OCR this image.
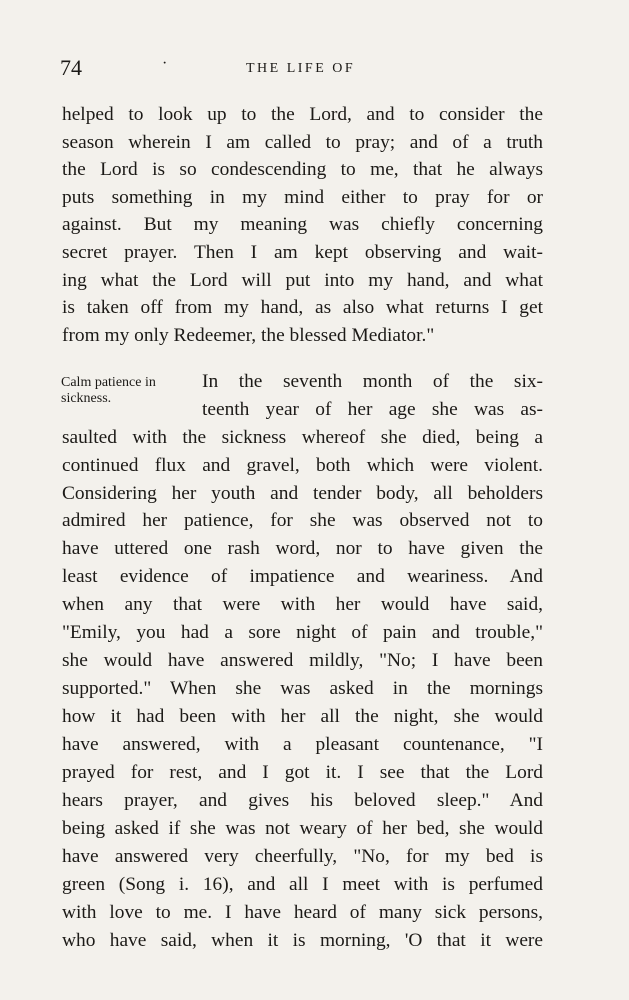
74	·	THE LIFE OF
helped to look up to the Lord, and to consider the
season wherein I am called to pray; and of a truth
the Lord is so condescending to me, that he always
puts something in my mind either to pray for or
against. But my meaning was chiefly concerning
secret prayer. Then I am kept observing and wait-
ing what the Lord will put into my hand, and what
is taken off from my hand, as also what returns I get
from my only Redeemer, the blessed Mediator."
Calm patience in
sickness.
In the seventh month of the six-
teenth year of her age she was as-
saulted with the sickness whereof she died, being a
continued flux and gravel, both which were violent.
Considering her youth and tender body, all beholders
admired her patience, for she was observed not to
have uttered one rash word, nor to have given the
least evidence of impatience and weariness. And
when any that were with her would have said,
"Emily, you had a sore night of pain and trouble,"
she would have answered mildly, "No; I have been
supported." When she was asked in the mornings
how it had been with her all the night, she would
have answered, with a pleasant countenance, "I
prayed for rest, and I got it. I see that the Lord
hears prayer, and gives his beloved sleep." And
being asked if she was not weary of her bed, she would
have answered very cheerfully, "No, for my bed is
green (Song i. 16), and all I meet with is perfumed
with love to me. I have heard of many sick persons,
who have said, when it is morning, 'O that it were
